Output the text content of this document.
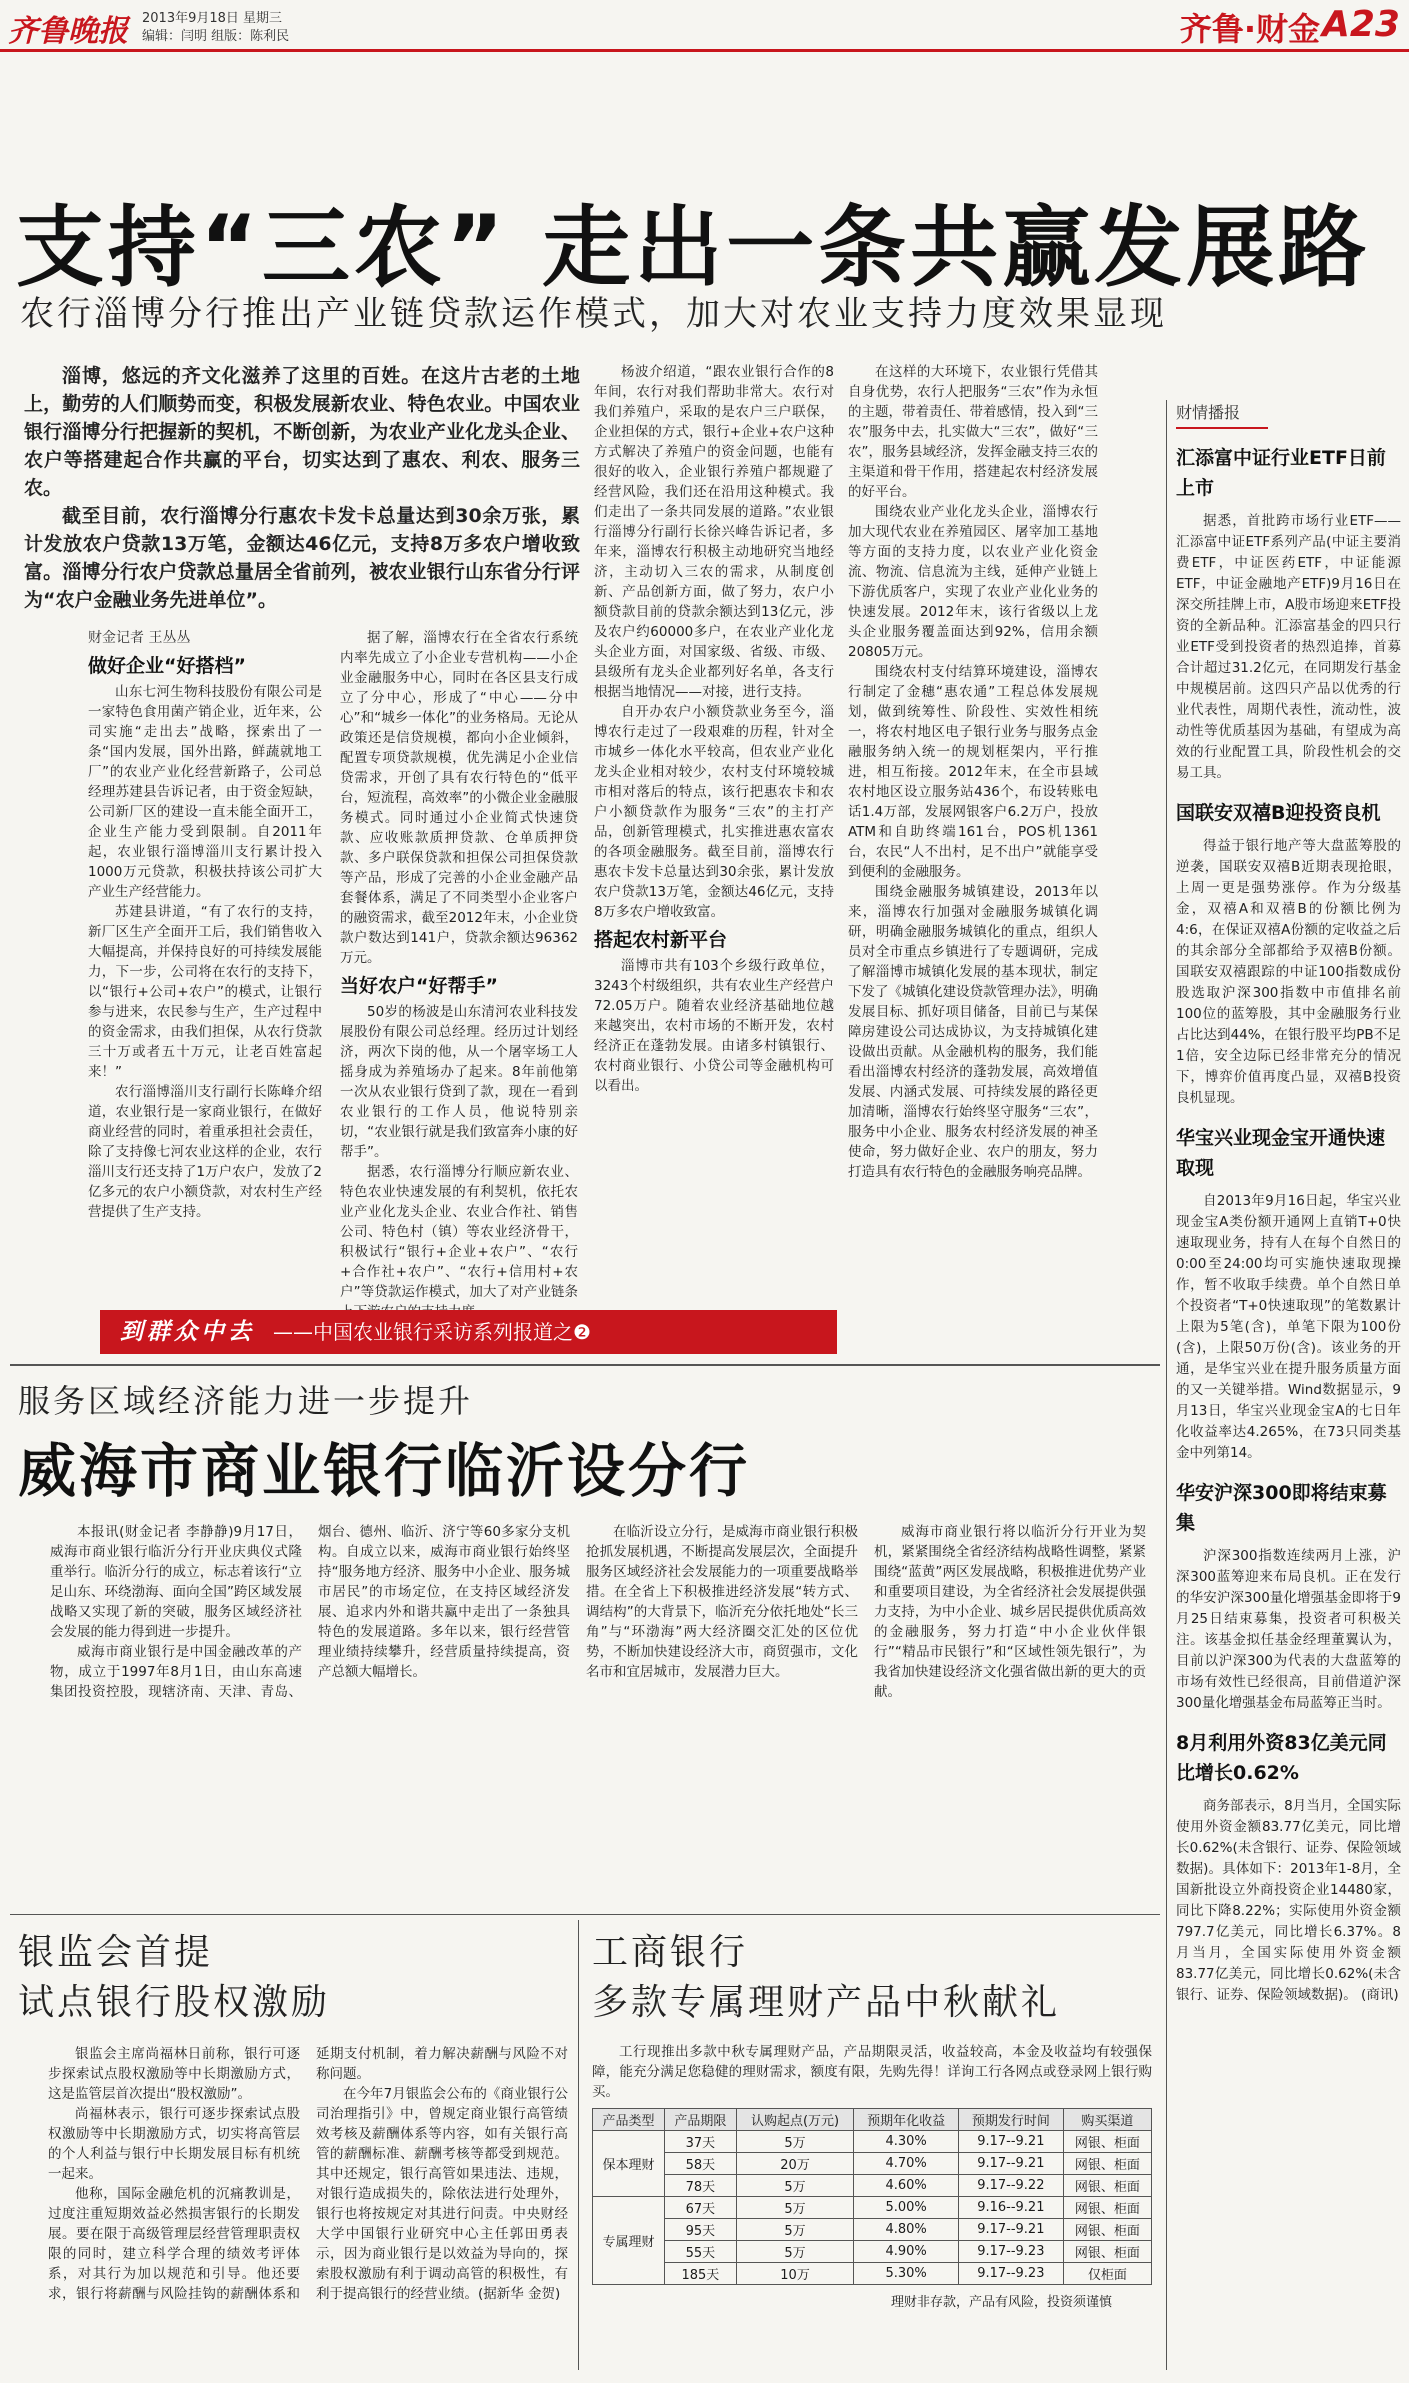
齐鲁晚报	2013年9月18日 星期三
编辑：闫明 组版：陈利民	齐鲁·财金 A23
支持“三农” 走出一条共赢发展路
农行淄博分行推出产业链贷款运作模式，加大对农业支持力度效果显现

淄博，悠远的齐文化滋养了这里的百姓。在这片古老的土地上，勤劳的人们顺势而变，积极发展新农业、特色农业。中国农业银行淄博分行把握新的契机，不断创新，为农业产业化龙头企业、农户等搭建起合作共赢的平台，切实达到了惠农、利农、服务三农。

截至目前，农行淄博分行惠农卡发卡总量达到30余万张，累计发放农户贷款13万笔，金额达46亿元，支持8万多农户增收致富。淄博分行农户贷款总量居全省前列，被农业银行山东省分行评为“农户金融业务先进单位”。

财金记者 王丛丛
做好企业“好搭档”

山东七河生物科技股份有限公司是一家特色食用菌产销企业，近年来，公司实施“走出去”战略，探索出了一条“国内发展，国外出路，鲜蔬就地工厂”的农业产业化经营新路子，公司总经理苏建县告诉记者，由于资金短缺，公司新厂区的建设一直未能全面开工，企业生产能力受到限制。自2011年起，农业银行淄博淄川支行累计投入1000万元贷款，积极扶持该公司扩大产业生产经营能力。

苏建县讲道，“有了农行的支持，新厂区生产全面开工后，我们销售收入大幅提高，并保持良好的可持续发展能力，下一步，公司将在农行的支持下，以“银行+公司+农户”的模式，让银行参与进来，农民参与生产，生产过程中的资金需求，由我们担保，从农行贷款三十万或者五十万元，让老百姓富起来！”

农行淄博淄川支行副行长陈峰介绍道，农业银行是一家商业银行，在做好商业经营的同时，着重承担社会责任，除了支持像七河农业这样的企业，农行淄川支行还支持了1万户农户，发放了2亿多元的农户小额贷款，对农村生产经营提供了生产支持。

据了解，淄博农行在全省农行系统内率先成立了小企业专营机构——小企业金融服务中心，同时在各区县支行成立了分中心，形成了“中心——分中心”和“城乡一体化”的业务格局。无论从政策还是信贷规模，都向小企业倾斜，配置专项贷款规模，优先满足小企业信贷需求，开创了具有农行特色的“低平台，短流程，高效率”的小微企业金融服务模式。同时通过小企业简式快速贷款、应收账款质押贷款、仓单质押贷款、多户联保贷款和担保公司担保贷款等产品，形成了完善的小企业金融产品套餐体系，满足了不同类型小企业客户的融资需求，截至2012年末，小企业贷款户数达到141户，贷款余额达96362万元。

当好农户“好帮手”

50岁的杨波是山东清河农业科技发展股份有限公司总经理。经历过计划经济，两次下岗的他，从一个屠宰场工人摇身成为养殖场办了起来。8年前他第一次从农业银行贷到了款，现在一看到农业银行的工作人员，他说特别亲切，“农业银行就是我们致富奔小康的好帮手”。

据悉，农行淄博分行顺应新农业、特色农业快速发展的有利契机，依托农业产业化龙头企业、农业合作社、销售公司、特色村（镇）等农业经济骨干，积极试行“银行+企业+农户”、“农行+合作社+农户”、“农行+信用村+农户”等贷款运作模式，加大了对产业链条

杨波介绍道，“跟农业银行合作的8年间，农行对我们帮助非常大。农行对我们养殖户，采取的是农户三户联保，企业担保的方式，银行+企业+农户这种方式解决了养殖户的资金问题，也能有很好的收入，企业银行养殖户都规避了经营风险，我们还在沿用这种模式。我们走出了一条共同发展的道路。”农业银行淄博分行副行长徐兴峰告诉记者，多年来，淄博农行积极主动地研究当地经济，主动切入三农的需求，从制度创新、产品创新方面，做了努力，农户小额贷款目前的贷款余额达到13亿元，涉及农户约60000多户，在农业产业化龙头企业方面，对国家级、省级、市级、县级所有龙头企业都列好名单，各支行根据当地情况——对接，进行支持。

自开办农户小额贷款业务至今，淄博农行走过了一段艰难的历程，针对全市城乡一体化水平较高，但农业产业化龙头企业相对较少，农村支付环境较城市相对落后的特点，该行把惠农卡和农户小额贷款作为服务“三农”的主打产品，创新管理模式，扎实推进惠农富农的各项金融服务。截至目前，淄博农行惠农卡发卡总量达到30余张，累计发放农户贷款13万笔，金额达46亿元，支持8万多农户增收致富。

搭起农村新平台

淄博市共有103个乡级行政单位，3243个村级组织，共有农业生产经营户72.05万户。随着农业经济基础地位越来越突出，农村市场的不断开发，农村经济正在蓬勃发展。由诸多村镇银行、农村商业银行、小贷公司等金融机构可以看出。

在这样的大环境下，农业银行凭借其自身优势，农行人把服务“三农”作为永恒的主题，带着责任、带着感情，投入到“三农”服务中去，扎实做大“三农”，做好“三农”，服务县域经济，发挥金融支持三农的主渠道和骨干作用，搭建起农村经济发展的好平台。

围绕农业产业化龙头企业，淄博农行加大现代农业在养殖园区、屠宰加工基地等方面的支持力度，以农业产业化资金流、物流、信息流为主线，延伸产业链上下游优质客户，实现了农业产业化业务的快速发展。2012年末，该行省级以上龙头企业服务覆盖面达到92%，信用余额20805万元。

围绕农村支付结算环境建设，淄博农行制定了金穗“惠农通”工程总体发展规划，做到统筹性、阶段性、实效性相统一，将农村地区电子银行业务与服务点金融服务纳入统一的规划框架内，平行推进，相互衔接。2012年末，在全市县域农村地区设立服务站436个，布设转账电话1.4万部，发展网银客户6.2万户，投放ATM和自助终端161台，POS机1361台，农民“人不出村，足不出户”就能享受到便利的金融服务。

围绕金融服务城镇建设，2013年以来，淄博农行加强对金融服务城镇化调研，明确金融服务城镇化的重点，组织人员对全市重点乡镇进行了专题调研，完成了解淄博市城镇化发展的基本现状，制定下发了《城镇化建设贷款管理办法》，明确发展目标、抓好项目储备，目前已与某保障房建设公司达成协议，为支持城镇化建设做出贡献。从金融机构的服务，我们能看出淄博农村经济的蓬勃发展，高效增值发展、内涵式发展、可持续发展的路径更加清晰，淄博农行始终坚守服务“三农”，服务中小企业、服务农村经济发展的神圣使命，努力做好企业、农户的朋友，努力打造具有农行特色的金融服务响亮品牌。

到群众中去 ——中国农业银行采访系列报道之❷
服务区域经济能力进一步提升
威海市商业银行临沂设分行

本报讯(财金记者 李静静)9月17日，威海市商业银行临沂分行开业庆典仪式隆重举行。临沂分行的成立，标志着该行“立足山东、环绕渤海、面向全国”跨区域发展战略又实现了新的突破，服务区域经济社会发展的能力得到进一步提升。

威海市商业银行是中国金融改革的产物，成立于1997年8月1日，由山东高速集团投资控股，现辖济南、天津、青岛、烟台、德州、临沂、济宁等60多家分支机构。自成立以来，威海市商业银行始终坚持“服务地方经济、服务中小企业、服务城市居民”的市场定位，在支持区域经济发展、追求内外和谐共赢中走出了一条独具特色的发展道路。多年以来，银行经营管理业绩持续攀升，经营质量持续提高，资产总额大幅增长。

在临沂设立分行，是威海市商业银行积极抢抓发展机遇，不断提高发展层次，全面提升服务区域经济社会发展能力的一项重要战略举措。在全省上下积极推进经济发展“转方式、调结构”的大背景下，临沂充分依托地处“长三角”与“环渤海”两大经济圈交汇处的区位优势，不断加快建设经济大市，商贸强市，文化名市和宜居城市，发展潜力巨大。

威海市商业银行将以临沂分行开业为契机，紧紧围绕全省经济结构战略性调整，紧紧围绕“蓝黄”两区发展战略，积极推进优势产业和重要项目建设，为全省经济社会发展提供强力支持，为中小企业、城乡居民提供优质高效的金融服务，努力打造“中小企业伙伴银行”“精品市民银行”和“区域性领先银行”，为我省加快建设经济文化强省做出新的更大的贡献。

银监会首提
试点银行股权激励

银监会主席尚福林日前称，银行可逐步探索试点股权激励等中长期激励方式，这是监管层首次提出“股权激励”。

尚福林表示，银行可逐步探索试点股权激励等中长期激励方式，切实将高管层的个人利益与银行中长期发展目标有机统一起来。

他称，国际金融危机的沉痛教训是，过度注重短期效益必然损害银行的长期发展。要在限于高级管理层经营管理职责权限的同时，建立科学合理的绩效考评体系，对其行为加以规范和引导。他还要求，银行将薪酬与风险挂钩的薪酬体系和延期支付机制，着力解决薪酬与风险不对称问题。

在今年7月银监会公布的《商业银行公司治理指引》中，曾规定商业银行高管绩效考核及薪酬体系等内容，如有关银行高管的薪酬标准、薪酬考核等都受到规范。其中还规定，银行高管如果违法、违规，对银行造成损失的，除依法进行处理外，银行也将按规定对其进行问责。中央财经大学中国银行业研究中心主任郭田勇表示，因为商业银行是以效益为导向的，探索股权激励有利于调动高管的积极性，有利于提高银行的经营业绩。(据新华 金贺)

工商银行
多款专属理财产品中秋献礼

工行现推出多款中秋专属理财产品，产品期限灵活，收益较高，本金及收益均有较强保障，能充分满足您稳健的理财需求，额度有限，先购先得！详询工行各网点或登录网上银行购买。

产品类型	产品期限	认购起点(万元)	预期年化收益	预期发行时间	购买渠道
保本理财	37天	5万	4.30%	9.17--9.21	网银、柜面
	58天	20万	4.70%	9.17--9.21	网银、柜面
	78天	5万	4.60%	9.17--9.22	网银、柜面
专属理财	67天	5万	5.00%	9.16--9.21	网银、柜面
	95天	5万	4.80%	9.17--9.21	网银、柜面
	55天	5万	4.90%	9.17--9.23	网银、柜面
	185天	10万	5.30%	9.17--9.23	仅柜面
理财非存款，产品有风险，投资须谨慎
财情播报
汇添富中证行业ETF日前上市

据悉，首批跨市场行业ETF——汇添富中证ETF系列产品(中证主要消费ETF，中证医药ETF，中证能源ETF，中证金融地产ETF)9月16日在深交所挂牌上市，A股市场迎来ETF投资的全新品种。汇添富基金的四只行业ETF受到投资者的热烈追捧，首募合计超过31.2亿元，在同期发行基金中规模居前。这四只产品以优秀的行业代表性，周期代表性，流动性，波动性等优质基因为基础，有望成为高效的行业配置工具，阶段性机会的交易工具。

国联安双禧B迎投资良机

得益于银行地产等大盘蓝筹股的逆袭，国联安双禧B近期表现抢眼，上周一更是强势涨停。作为分级基金，双禧A和双禧B的份额比例为4:6，在保证双禧A份额的定收益之后的其余部分全部都给予双禧B份额。国联安双禧跟踪的中证100指数成份股选取沪深300指数中市值排名前100位的蓝筹股，其中金融服务行业占比达到44%，在银行股平均PB不足1倍，安全边际已经非常充分的情况下，博弈价值再度凸显，双禧B投资良机显现。

华宝兴业现金宝开通快速取现

自2013年9月16日起，华宝兴业现金宝A类份额开通网上直销T+0快速取现业务，持有人在每个自然日的0:00至24:00均可实施快速取现操作，暂不收取手续费。单个自然日单个投资者“T+0快速取现”的笔数累计上限为5笔(含)，单笔下限为100份(含)，上限50万份(含)。该业务的开通，是华宝兴业在提升服务质量方面的又一关键举措。Wind数据显示，9月13日，华宝兴业现金宝A的七日年化收益率达4.265%，在73只同类基金中列第14。

华安沪深300即将结束募集

沪深300指数连续两月上涨，沪深300蓝筹迎来布局良机。正在发行的华安沪深300量化增强基金即将于9月25日结束募集，投资者可积极关注。该基金拟任基金经理董翼认为，目前以沪深300为代表的大盘蓝筹的市场有效性已经很高，目前借道沪深300量化增强基金布局蓝筹正当时。

8月利用外资83亿美元同比增长0.62%

商务部表示，8月当月，全国实际使用外资金额83.77亿美元，同比增长0.62%(未含银行、证券、保险领域数据)。具体如下：2013年1-8月，全国新批设立外商投资企业14480家，同比下降8.22%；实际使用外资金额797.7亿美元，同比增长6.37%。8月当月，全国实际使用外资金额83.77亿美元，同比增长0.62%(未含银行、证券、保险领域数据)。 (商讯)
